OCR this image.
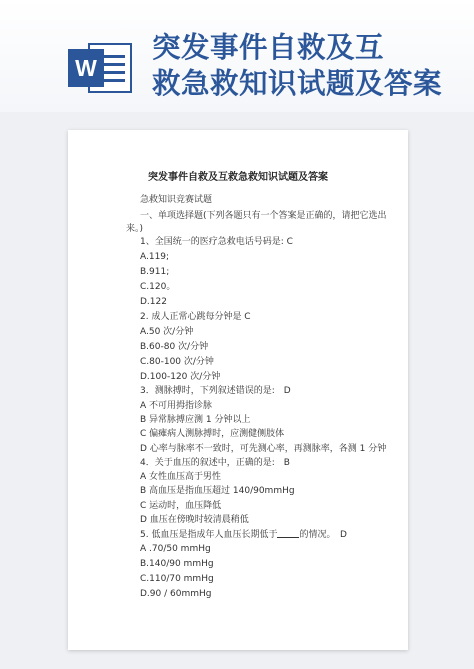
W
突发事件自救及互
救急救知识试题及答案
突发事件自救及互救急救知识试题及答案
急救知识竞赛试题
一、单项选择题(下列各题只有一个答案是正确的，请把它选出
来。)
1、全国统一的医疗急救电话号码是: C
A.119;
B.911;
C.120。
D.122
2. 成人正常心跳每分钟是 C
A.50 次/分钟
B.60-80 次/分钟
C.80-100 次/分钟
D.100-120 次/分钟
3．测脉搏时，下列叙述错误的是:　D
A 不可用拇指诊脉
B 异常脉搏应测 1 分钟以上
C 偏瘫病人测脉搏时，应测健侧肢体
D 心率与脉率不一致时，可先测心率，再测脉率，各测 1 分钟
4．关于血压的叙述中，正确的是:　B
A 女性血压高于男性
B 高血压是指血压超过 140/90mmHg
C 运动时，血压降低
D 血压在傍晚时较清晨稍低
5. 低血压是指成年人血压长期低于 的情况。　D
A .70/50 mmHg
B.140/90 mmHg
C.110/70 mmHg
D.90 / 60mmHg
